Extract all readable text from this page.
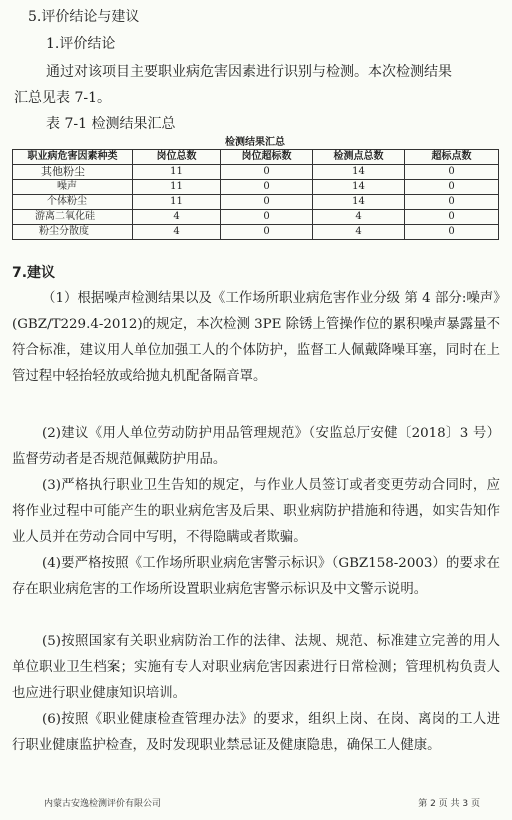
5.评价结论与建议
1.评价结论
通过对该项目主要职业病危害因素进行识别与检测。本次检测结果
汇总见表 7-1。
表 7-1 检测结果汇总
检测结果汇总
职业病危害因素种类	岗位总数	岗位超标数	检测点总数	超标点数
其他粉尘	11	0	14	0
噪声	11	0	14	0
个体粉尘	11	0	14	0
游离二氧化硅	4	0	4	0
粉尘分散度	4	0	4	0
7.建议
（1）根据噪声检测结果以及《工作场所职业病危害作业分级 第 4 部分:噪声》(GBZ/T229.4-2012)的规定，本次检测 3PE 除锈上管操作位的累积噪声暴露量不符合标准，建议用人单位加强工人的个体防护，监督工人佩戴降噪耳塞，同时在上管过程中轻抬轻放或给抛丸机配备隔音罩。
(2)建议《用人单位劳动防护用品管理规范》（安监总厅安健〔2018〕3 号）监督劳动者是否规范佩戴防护用品。
(3)严格执行职业卫生告知的规定，与作业人员签订或者变更劳动合同时，应将作业过程中可能产生的职业病危害及后果、职业病防护措施和待遇，如实告知作业人员并在劳动合同中写明，不得隐瞒或者欺骗。
(4)要严格按照《工作场所职业病危害警示标识》（GBZ158-2003）的要求在存在职业病危害的工作场所设置职业病危害警示标识及中文警示说明。
(5)按照国家有关职业病防治工作的法律、法规、规范、标准建立完善的用人单位职业卫生档案；实施有专人对职业病危害因素进行日常检测；管理机构负责人也应进行职业健康知识培训。
(6)按照《职业健康检查管理办法》的要求，组织上岗、在岗、离岗的工人进行职业健康监护检查，及时发现职业禁忌证及健康隐患，确保工人健康。
内蒙古安逸检测评价有限公司	第 2 页 共 3 页
